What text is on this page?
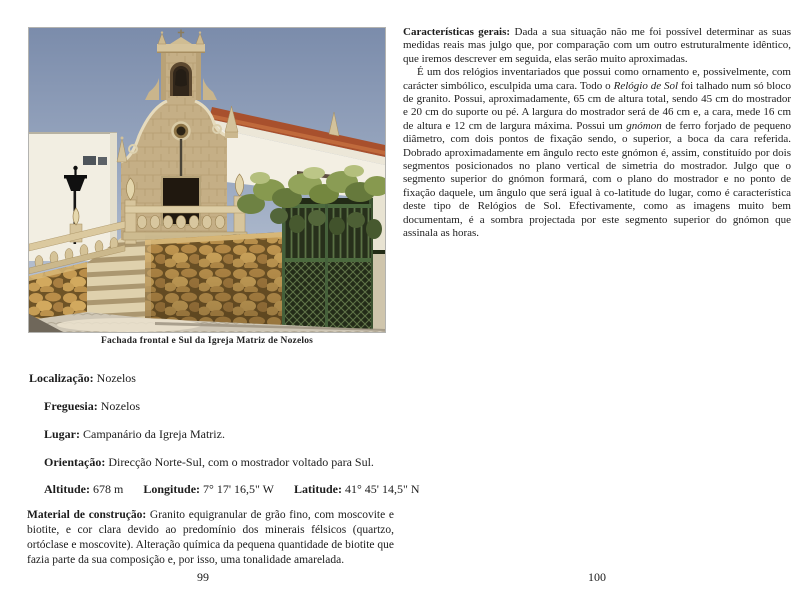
Fachada frontal e Sul da Igreja Matriz de Nozelos
Localização: Nozelos
Freguesia: Nozelos
Lugar: Campanário da Igreja Matriz.
Orientação: Direcção Norte-Sul, com o mostrador voltado para Sul.
Altitude: 678 m Longitude: 7° 17' 16,5" W Latitude: 41° 45' 14,5" N
Material de construção: Granito equigranular de grão fino, com moscovite e biotite, e cor clara devido ao predomínio dos minerais félsicos (quartzo, ortóclase e moscovite). Alteração química da pequena quantidade de biotite que fazia parte da sua composição e, por isso, uma tonalidade amarelada.
99

Características gerais: Dada a sua situação não me foi possível determinar as suas medidas reais mas julgo que, por comparação com um outro estruturalmente idêntico, que iremos descrever em seguida, elas serão muito aproximadas.

É um dos relógios inventariados que possui como ornamento e, possivelmente, com carácter simbólico, esculpida uma cara. Todo o Relógio de Sol foi talhado num só bloco de granito. Possui, aproximadamente, 65 cm de altura total, sendo 45 cm do mostrador e 20 cm do suporte ou pé. A largura do mostrador será de 46 cm e, a cara, mede 16 cm de altura e 12 cm de largura máxima. Possui um gnómon de ferro forjado de pequeno diâmetro, com dois pontos de fixação sendo, o superior, a boca da cara referida. Dobrado aproximadamente em ângulo recto este gnómon é, assim, constituído por dois segmentos posicionados no plano vertical de simetria do mostrador. Julgo que o segmento superior do gnómon formará, com o plano do mostrador e no ponto de fixação daquele, um ângulo que será igual à co-latitude do lugar, como é característica deste tipo de Relógios de Sol. Efectivamente, como as imagens muito bem documentam, é a sombra projectada por este segmento superior do gnómon que assinala as horas.

100
